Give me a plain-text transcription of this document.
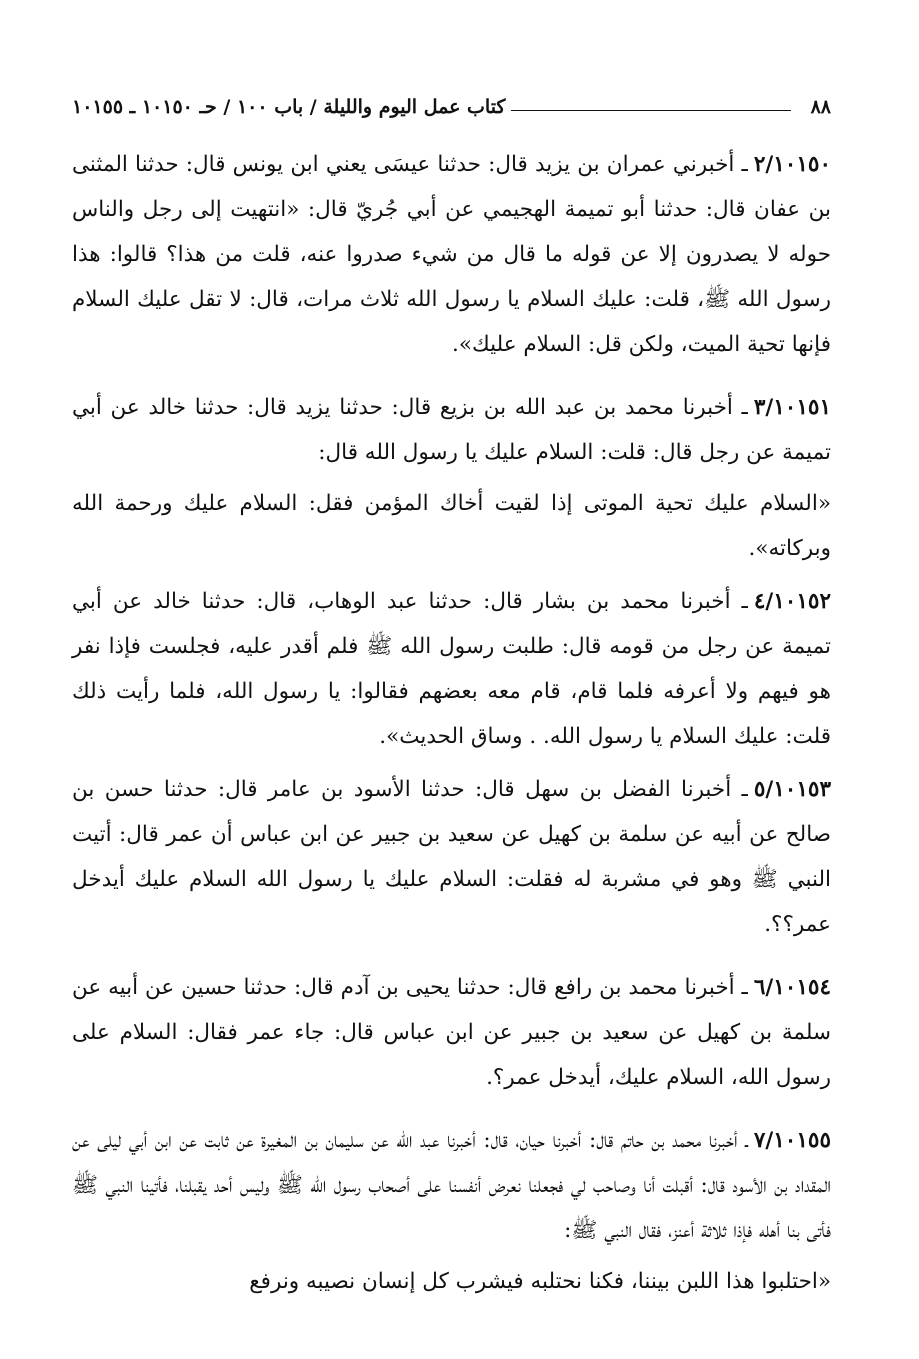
٨٨
كتاب عمل اليوم والليلة / باب ١٠٠ / حـ ١٠١٥٠ ـ ١٠١٥٥

٢/١٠١٥٠ـ أخبرني عمران بن يزيد قال: حدثنا عيسَى يعني ابن يونس قال: حدثنا المثنى بن عفان قال: حدثنا أبو تميمة الهجيمي عن أبي جُريّ قال: «انتهيت إلى رجل والناس حوله لا يصدرون إلا عن قوله ما قال من شيء صدروا عنه، قلت من هذا؟ قالوا: هذا رسول الله ﷺ، قلت: عليك السلام يا رسول الله ثلاث مرات، قال: لا تقل عليك السلام فإنها تحية الميت، ولكن قل: السلام عليك».

٣/١٠١٥١ـ أخبرنا محمد بن عبد الله بن بزيع قال: حدثنا يزيد قال: حدثنا خالد عن أبي تميمة عن رجل قال: قلت: السلام عليك يا رسول الله قال:

«السلام عليك تحية الموتى إذا لقيت أخاك المؤمن فقل: السلام عليك ورحمة الله وبركاته».

٤/١٠١٥٢ـ أخبرنا محمد بن بشار قال: حدثنا عبد الوهاب، قال: حدثنا خالد عن أبي تميمة عن رجل من قومه قال: طلبت رسول الله ﷺ فلم أقدر عليه، فجلست فإذا نفر هو فيهم ولا أعرفه فلما قام، قام معه بعضهم فقالوا: يا رسول الله، فلما رأيت ذلك قلت: عليك السلام يا رسول الله. . وساق الحديث».

٥/١٠١٥٣ـ أخبرنا الفضل بن سهل قال: حدثنا الأسود بن عامر قال: حدثنا حسن بن صالح عن أبيه عن سلمة بن كهيل عن سعيد بن جبير عن ابن عباس أن عمر قال: أتيت النبي ﷺ وهو في مشربة له فقلت: السلام عليك يا رسول الله السلام عليك أيدخل عمر؟؟.

٦/١٠١٥٤ـ أخبرنا محمد بن رافع قال: حدثنا يحيى بن آدم قال: حدثنا حسين عن أبيه عن سلمة بن كهيل عن سعيد بن جبير عن ابن عباس قال: جاء عمر فقال: السلام على رسول الله، السلام عليك، أيدخل عمر؟.

٧/١٠١٥٥ـ أخبرنا محمد بن حاتم قال: أخبرنا حيان، قال: أخبرنا عبد الله عن سليمان بن المغيرة عن ثابت عن ابن أبي ليلى عن المقداد بن الأسود قال: أقبلت أنا وصاحب لي فجعلنا نعرض أنفسنا على أصحاب رسول الله ﷺ وليس أحد يقبلنا، فأتينا النبي ﷺ فأتى بنا أهله فإذا ثلاثة أعنز، فقال النبي ﷺ:

«احتلبوا هذا اللبن بيننا، فكنا نحتلبه فيشرب كل إنسان نصيبه ونرفع
